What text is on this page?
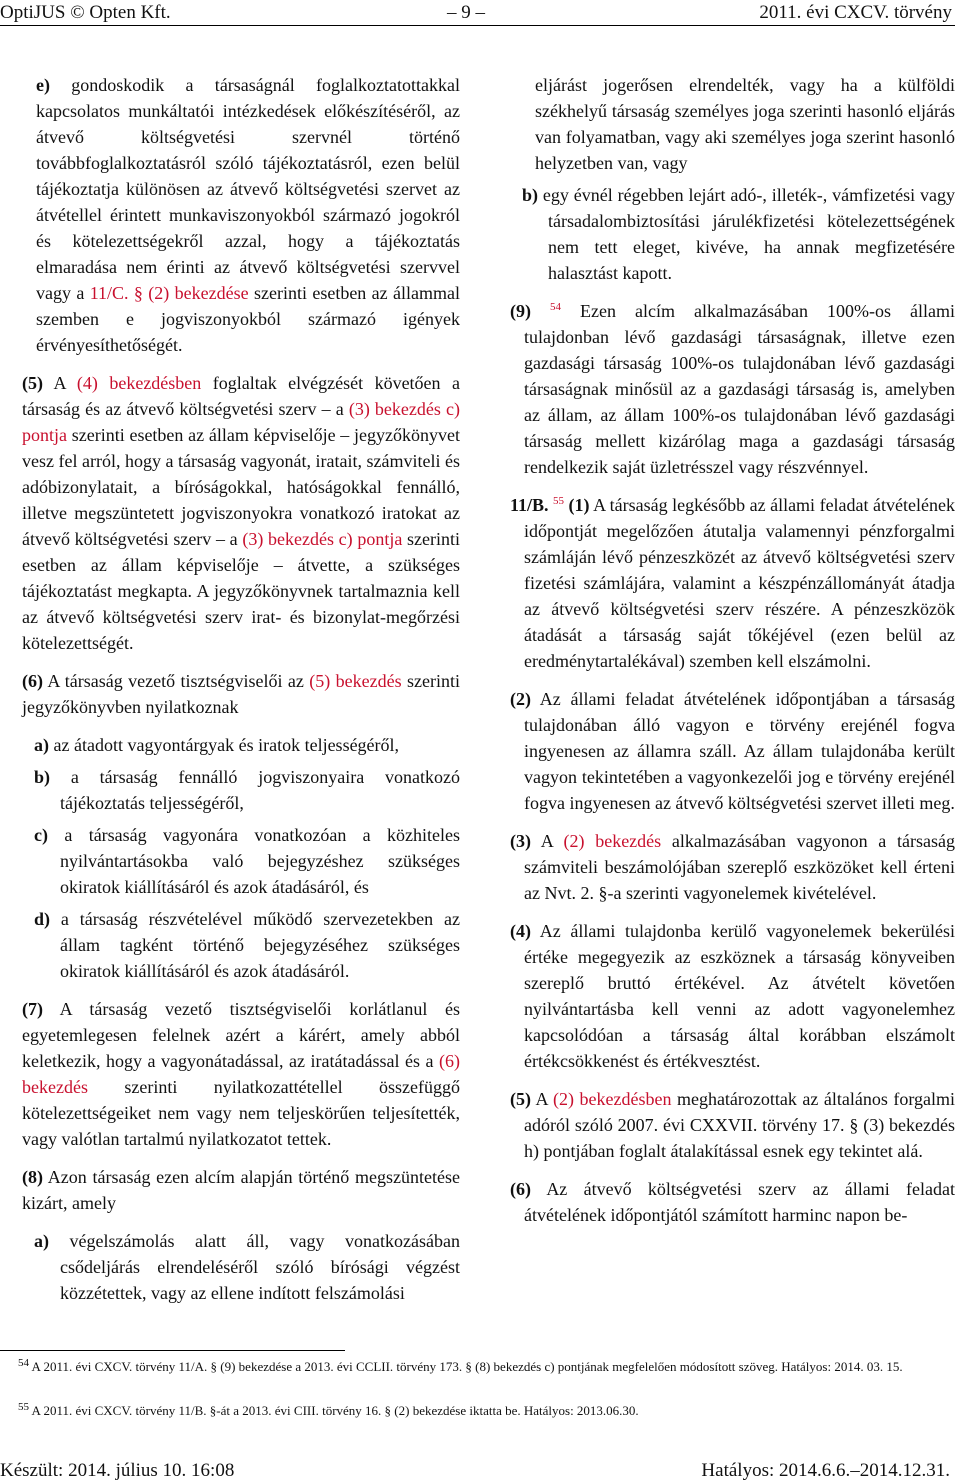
OptiJUS © Opten Kft.	– 9 –	2011. évi CXCV. törvény

e) gondoskodik a társaságnál foglalkoztatottakkal kapcsolatos munkáltatói intézkedések előkészítéséről, az átvevő költségvetési szervnél történő továbbfoglalkoztatásról szóló tájékoztatásról, ezen belül tájékoztatja különösen az átvevő költségvetési szervet az átvétellel érintett munkaviszonyokból származó jogokról és kötelezettségekről azzal, hogy a tájékoztatás elmaradása nem érinti az átvevő költségvetési szervvel vagy a 11/C. § (2) bekezdése szerinti esetben az állammal szemben e jogviszonyokból származó igények érvényesíthetőségét.

(5) A (4) bekezdésben foglaltak elvégzését követően a társaság és az átvevő költségvetési szerv – a (3) bekezdés c) pontja szerinti esetben az állam képviselője – jegyzőkönyvet vesz fel arról, hogy a társaság vagyonát, iratait, számviteli és adóbizonylatait, a bíróságokkal, hatóságokkal fennálló, illetve megszüntetett jogviszonyokra vonatkozó iratokat az átvevő költségvetési szerv – a (3) bekezdés c) pontja szerinti esetben az állam képviselője – átvette, a szükséges tájékoztatást megkapta. A jegyzőkönyvnek tartalmaznia kell az átvevő költségvetési szerv irat- és bizonylat-megőrzési kötelezettségét.

(6) A társaság vezető tisztségviselői az (5) bekezdés szerinti jegyzőkönyvben nyilatkoznak

a) az átadott vagyontárgyak és iratok teljességéről,

b) a társaság fennálló jogviszonyaira vonatkozó tájékoztatás teljességéről,

c) a társaság vagyonára vonatkozóan a közhiteles nyilvántartásokba való bejegyzéshez szükséges okiratok kiállításáról és azok átadásáról, és

d) a társaság részvételével működő szervezetekben az állam tagként történő bejegyzéséhez szükséges okiratok kiállításáról és azok átadásáról.

(7) A társaság vezető tisztségviselői korlátlanul és egyetemlegesen felelnek azért a kárért, amely abból keletkezik, hogy a vagyonátadással, az iratátadással és a (6) bekezdés szerinti nyilatkozattétellel összefüggő kötelezettségeiket nem vagy nem teljeskörűen teljesítették, vagy valótlan tartalmú nyilatkozatot tettek.

(8) Azon társaság ezen alcím alapján történő megszüntetése kizárt, amely

a) végelszámolás alatt áll, vagy vonatkozásában csődeljárás elrendeléséről szóló bírósági végzést közzétettek, vagy az ellene indított felszámolási

eljárást jogerősen elrendelték, vagy ha a külföldi székhelyű társaság személyes joga szerinti hasonló eljárás van folyamatban, vagy aki személyes joga szerint hasonló helyzetben van, vagy

b) egy évnél régebben lejárt adó-, illeték-, vámfizetési vagy társadalombiztosítási járulékfizetési kötelezettségének nem tett eleget, kivéve, ha annak megfizetésére halasztást kapott.

(9) $^{54}$ Ezen alcím alkalmazásában 100%-os állami tulajdonban lévő gazdasági társaságnak, illetve ezen gazdasági társaság 100%-os tulajdonában lévő gazdasági társaságnak minősül az a gazdasági társaság is, amelyben az állam, az állam 100%-os tulajdonában lévő gazdasági társaság mellett kizárólag maga a gazdasági társaság rendelkezik saját üzletrésszel vagy részvénnyel.

11/B. $^{55}$ (1) A társaság legkésőbb az állami feladat átvételének időpontját megelőzően átutalja valamennyi pénzforgalmi számláján lévő pénzeszközét az átvevő költségvetési szerv fizetési számlájára, valamint a készpénzállományát átadja az átvevő költségvetési szerv részére. A pénzeszközök átadását a társaság saját tőkéjével (ezen belül az eredménytartalékával) szemben kell elszámolni.

(2) Az állami feladat átvételének időpontjában a társaság tulajdonában álló vagyon e törvény erejénél fogva ingyenesen az államra száll. Az állam tulajdonába került vagyon tekintetében a vagyonkezelői jog e törvény erejénél fogva ingyenesen az átvevő költségvetési szervet illeti meg.

(3) A (2) bekezdés alkalmazásában vagyonon a társaság számviteli beszámolójában szereplő eszközöket kell érteni az Nvt. 2. §-a szerinti vagyonelemek kivételével.

(4) Az állami tulajdonba kerülő vagyonelemek bekerülési értéke megegyezik az eszköznek a társaság könyveiben szereplő bruttó értékével. Az átvételt követően nyilvántartásba kell venni az adott vagyonelemhez kapcsolódóan a társaság által korábban elszámolt értékcsökkenést és értékvesztést.

(5) A (2) bekezdésben meghatározottak az általános forgalmi adóról szóló 2007. évi CXXVII. törvény 17. § (3) bekezdés h) pontjában foglalt átalakítással esnek egy tekintet alá.

(6) Az átvevő költségvetési szerv az állami feladat átvételének időpontjától számított harminc napon be-

$^{54}$ A 2011. évi CXCV. törvény 11/A. § (9) bekezdése a 2013. évi CCLII. törvény 173. § (8) bekezdés c) pontjának megfelelően módosított szöveg. Hatályos: 2014. 03. 15.
$^{55}$ A 2011. évi CXCV. törvény 11/B. §-át a 2013. évi CIII. törvény 16. § (2) bekezdése iktatta be. Hatályos: 2013.06.30.
Készült: 2014. július 10. 16:08	Hatályos: 2014.6.6.–2014.12.31.
